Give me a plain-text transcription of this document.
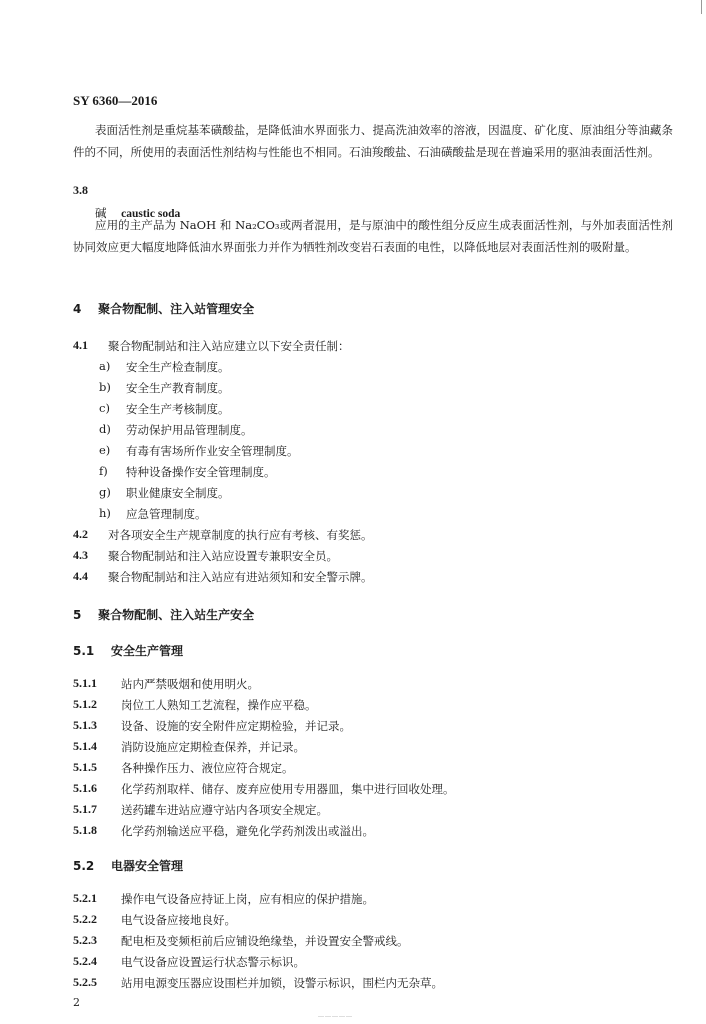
SY 6360—2016
表面活性剂是重烷基苯磺酸盐，是降低油水界面张力、提高洗油效率的溶液，因温度、矿化度、原油组分等油藏条件的不同，所使用的表面活性剂结构与性能也不相同。石油羧酸盐、石油磺酸盐是现在普遍采用的驱油表面活性剂。
3.8
碱 caustic soda
应用的主产品为 NaOH 和 Na₂CO₃或两者混用，是与原油中的酸性组分反应生成表面活性剂，与外加表面活性剂协同效应更大幅度地降低油水界面张力并作为牺牲剂改变岩石表面的电性，以降低地层对表面活性剂的吸附量。
4 聚合物配制、注入站管理安全
4.1 聚合物配制站和注入站应建立以下安全责任制：
a) 安全生产检查制度。
b) 安全生产教育制度。
c) 安全生产考核制度。
d) 劳动保护用品管理制度。
e) 有毒有害场所作业安全管理制度。
f) 特种设备操作安全管理制度。
g) 职业健康安全制度。
h) 应急管理制度。
4.2 对各项安全生产规章制度的执行应有考核、有奖惩。
4.3 聚合物配制站和注入站应设置专兼职安全员。
4.4 聚合物配制站和注入站应有进站须知和安全警示牌。
5 聚合物配制、注入站生产安全
5.1 安全生产管理
5.1.1 站内严禁吸烟和使用明火。
5.1.2 岗位工人熟知工艺流程，操作应平稳。
5.1.3 设备、设施的安全附件应定期检验，并记录。
5.1.4 消防设施应定期检查保养，并记录。
5.1.5 各种操作压力、液位应符合规定。
5.1.6 化学药剂取样、储存、废弃应使用专用器皿，集中进行回收处理。
5.1.7 送药罐车进站应遵守站内各项安全规定。
5.1.8 化学药剂输送应平稳，避免化学药剂泼出或溢出。
5.2 电器安全管理
5.2.1 操作电气设备应持证上岗，应有相应的保护措施。
5.2.2 电气设备应接地良好。
5.2.3 配电柜及变频柜前后应铺设绝缘垫，并设置安全警戒线。
5.2.4 电气设备应设置运行状态警示标识。
5.2.5 站用电源变压器应设围栏并加锁，设警示标识，围栏内无杂草。
2
……………
